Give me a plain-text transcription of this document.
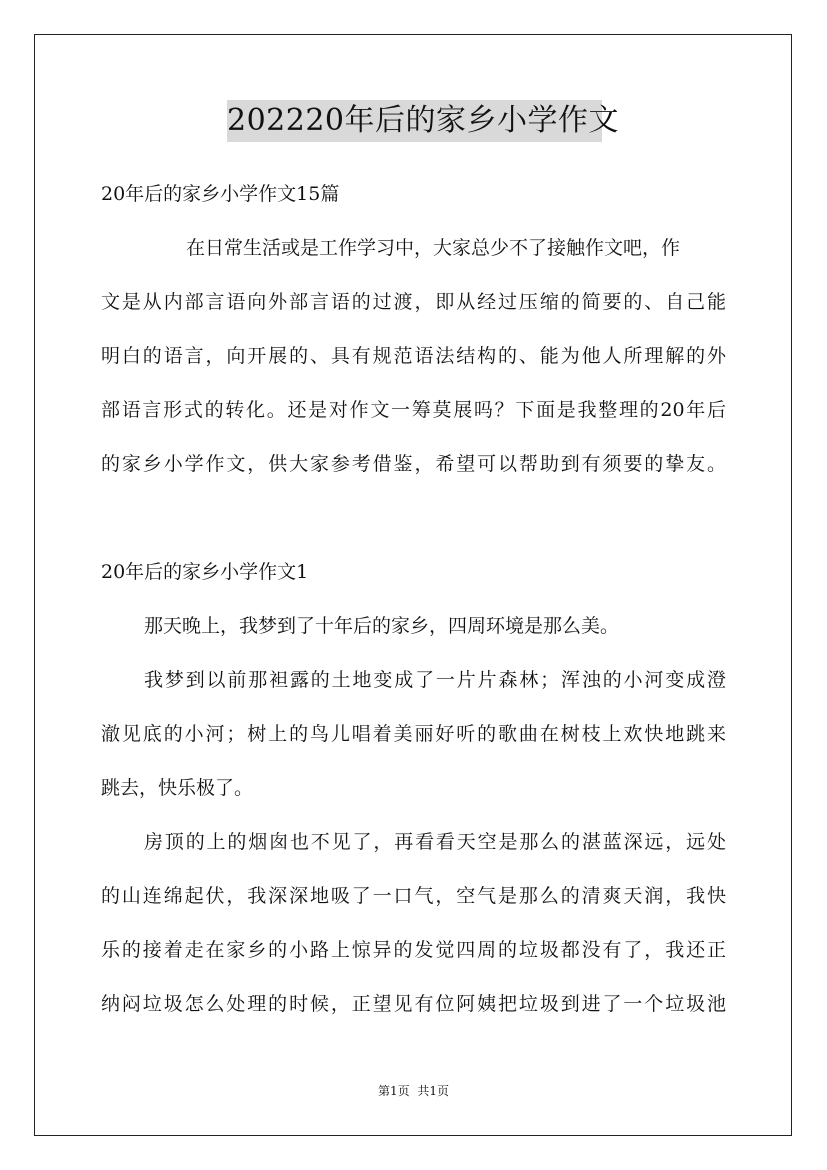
202220年后的家乡小学作文
20年后的家乡小学作文15篇
在日常生活或是工作学习中，大家总少不了接触作文吧，作
文是从内部言语向外部言语的过渡，即从经过压缩的简要的、自己能
明白的语言，向开展的、具有规范语法结构的、能为他人所理解的外
部语言形式的转化。还是对作文一筹莫展吗？下面是我整理的20年后
的家乡小学作文，供大家参考借鉴，希望可以帮助到有须要的挚友。
20年后的家乡小学作文1
那天晚上，我梦到了十年后的家乡，四周环境是那么美。
我梦到以前那袒露的土地变成了一片片森林；浑浊的小河变成澄
澈见底的小河；树上的鸟儿唱着美丽好听的歌曲在树枝上欢快地跳来
跳去，快乐极了。
房顶的上的烟囱也不见了，再看看天空是那么的湛蓝深远，远处
的山连绵起伏，我深深地吸了一口气，空气是那么的清爽天润，我快
乐的接着走在家乡的小路上惊异的发觉四周的垃圾都没有了，我还正
纳闷垃圾怎么处理的时候，正望见有位阿姨把垃圾到进了一个垃圾池
第1页 共1页
